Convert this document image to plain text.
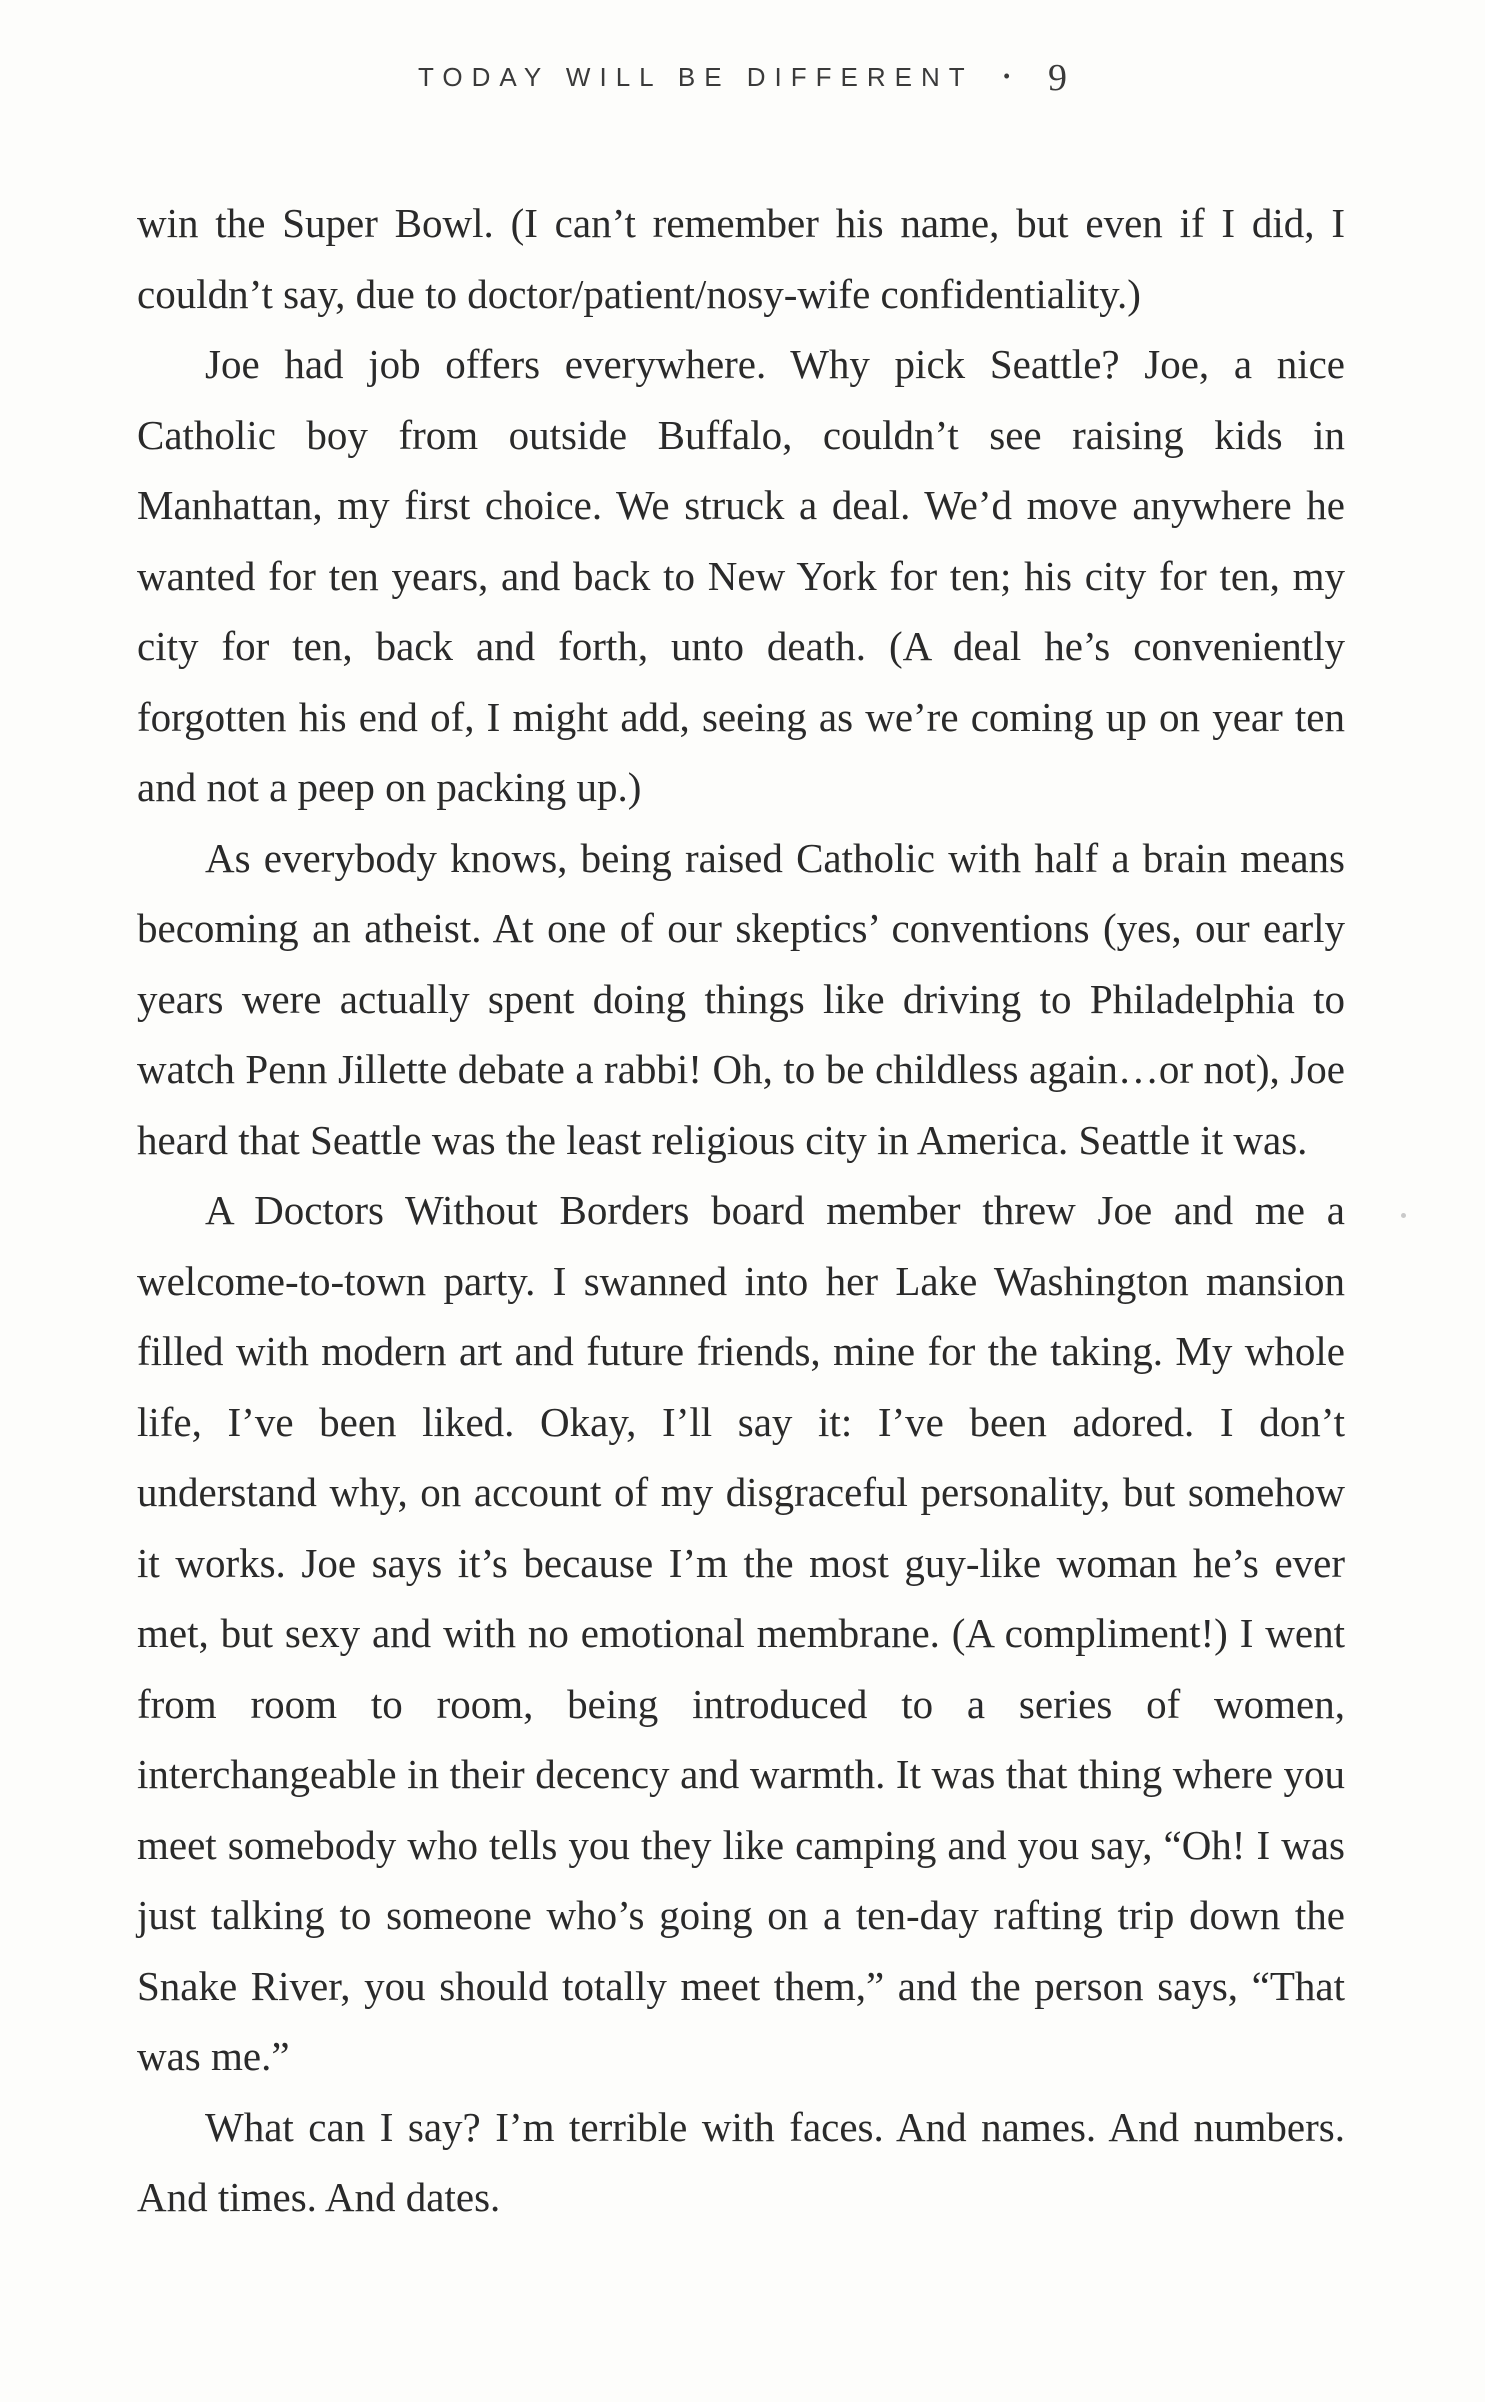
TODAY WILL BE DIFFERENT • 9

win the Super Bowl. (I can’t remember his name, but even if I did, I couldn’t say, due to doctor/patient/nosy-wife confidentiality.)

Joe had job offers everywhere. Why pick Seattle? Joe, a nice Catholic boy from outside Buffalo, couldn’t see raising kids in Manhattan, my first choice. We struck a deal. We’d move anywhere he wanted for ten years, and back to New York for ten; his city for ten, my city for ten, back and forth, unto death. (A deal he’s conveniently forgotten his end of, I might add, seeing as we’re coming up on year ten and not a peep on packing up.)

As everybody knows, being raised Catholic with half a brain means becoming an atheist. At one of our skeptics’ conventions (yes, our early years were actually spent doing things like driving to Philadelphia to watch Penn Jillette debate a rabbi! Oh, to be childless again…or not), Joe heard that Seattle was the least religious city in America. Seattle it was.

A Doctors Without Borders board member threw Joe and me a welcome-to-town party. I swanned into her Lake Washington mansion filled with modern art and future friends, mine for the taking. My whole life, I’ve been liked. Okay, I’ll say it: I’ve been adored. I don’t understand why, on account of my disgraceful personality, but somehow it works. Joe says it’s because I’m the most guy-like woman he’s ever met, but sexy and with no emotional membrane. (A compliment!) I went from room to room, being introduced to a series of women, interchangeable in their decency and warmth. It was that thing where you meet somebody who tells you they like camping and you say, “Oh! I was just talking to someone who’s going on a ten-day rafting trip down the Snake River, you should totally meet them,” and the person says, “That was me.”

What can I say? I’m terrible with faces. And names. And numbers. And times. And dates.
